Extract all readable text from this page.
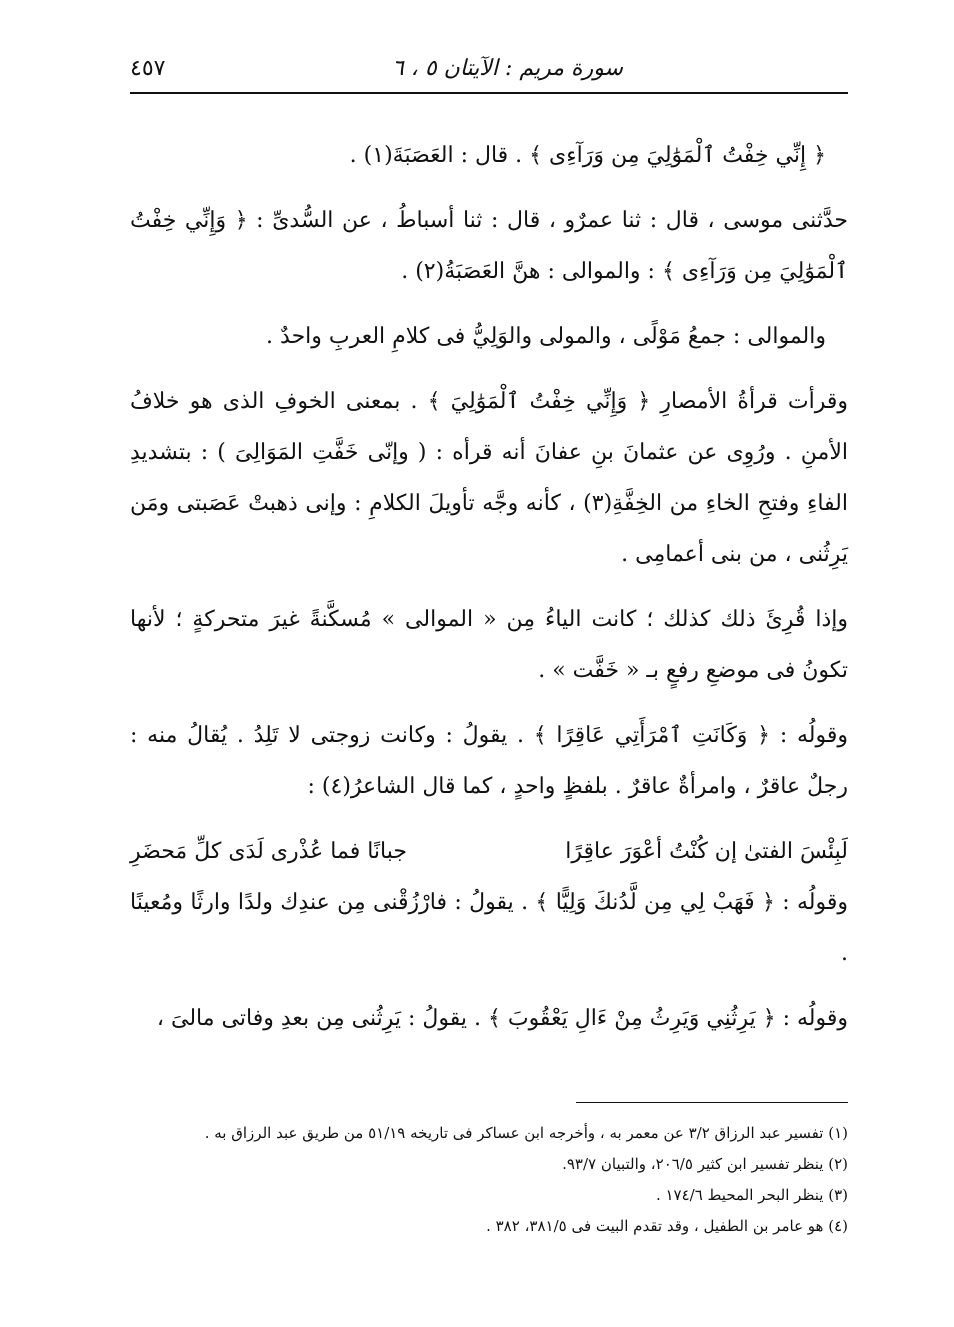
سورة مريم : الآيتان ٥ ، ٦
٤٥٧

﴿ إِنِّي خِفْتُ ٱلْمَوَٰلِيَ مِن وَرَآءِى ﴾ . قال : العَصَبَةَ(١) .

حدَّثنى موسى ، قال : ثنا عمرٌو ، قال : ثنا أسباطُ ، عن السُّدىِّ : ﴿ وَإِنِّي خِفْتُ ٱلْمَوَٰلِيَ مِن وَرَآءِى ﴾ : والموالى : هنَّ العَصَبَةُ(٢) .

والموالى : جمعُ مَوْلًى ، والمولى والوَلِيُّ فى كلامِ العربِ واحدٌ .

وقرأت قرأةُ الأمصارِ ﴿ وَإِنِّي خِفْتُ ٱلْمَوَٰلِيَ ﴾ . بمعنى الخوفِ الذى هو خلافُ الأمنِ . ورُوِى عن عثمانَ بنِ عفانَ أنه قرأه : ( وإنّى خَفَّتِ المَوَالِىَ ) : بتشديدِ الفاءِ وفتحِ الخاءِ من الخِفَّةِ(٣) ، كأنه وجَّه تأويلَ الكلامِ : وإنى ذهبتْ عَصَبتى ومَن يَرِثُنى ، من بنى أعمامِى .

وإذا قُرِئَ ذلك كذلك ؛ كانت الياءُ مِن « الموالى » مُسكَّنةً غيرَ متحركةٍ ؛ لأنها تكونُ فى موضعِ رفعٍ بـ « خَفَّت » .

وقولُه : ﴿ وَكَانَتِ ٱمْرَأَتِي عَاقِرًا ﴾ . يقولُ : وكانت زوجتى لا تَلِدُ . يُقالُ منه : رجلٌ عاقرٌ ، وامرأةٌ عاقرٌ . بلفظٍ واحدٍ ، كما قال الشاعرُ(٤) :

لَبِئْسَ الفتىٰ إن كُنْتُ أعْوَرَ عاقِرًا
جبانًا فما عُذْرى لَدَى كلِّ مَحضَرِ

وقولُه : ﴿ فَهَبْ لِي مِن لَّدُنكَ وَلِيًّا ﴾ . يقولُ : فارْزُقْنى مِن عندِك ولدًا وارثًا ومُعينًا .

وقولُه : ﴿ يَرِثُنِي وَيَرِثُ مِنْ ءَالِ يَعْقُوبَ ﴾ . يقولُ : يَرِثُنى مِن بعدِ وفاتى مالىَ ،

(١) تفسير عبد الرزاق ٣/٢ عن معمر به ، وأخرجه ابن عساكر فى تاريخه ٥١/١٩ من طريق عبد الرزاق به .

(٢) ينظر تفسير ابن كثير ٢٠٦/٥، والتبيان ٩٣/٧.

(٣) ينظر البحر المحيط ١٧٤/٦ .

(٤) هو عامر بن الطفيل ، وقد تقدم البيت فى ٣٨١/٥، ٣٨٢ .
